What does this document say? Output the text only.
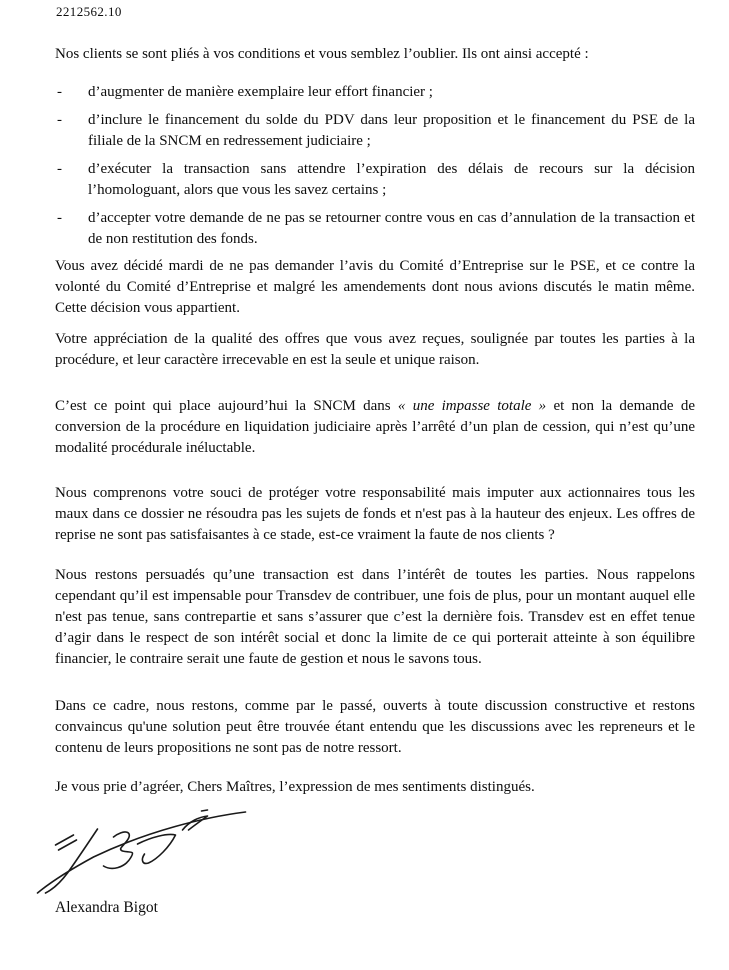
2212562.10

Nos clients se sont pliés à vos conditions et vous semblez l’oublier. Ils ont ainsi accepté :

- d’augmenter de manière exemplaire leur effort financier ;
- d’inclure le financement du solde du PDV dans leur proposition et le financement du PSE de la filiale de la SNCM en redressement judiciaire ;
- d’exécuter la transaction sans attendre l’expiration des délais de recours sur la décision l’homologuant, alors que vous les savez certains ;
- d’accepter votre demande de ne pas se retourner contre vous en cas d’annulation de la transaction et de non restitution des fonds.

Vous avez décidé mardi de ne pas demander l’avis du Comité d’Entreprise sur le PSE, et ce contre la volonté du Comité d’Entreprise et malgré les amendements dont nous avions discutés le matin même. Cette décision vous appartient.

Votre appréciation de la qualité des offres que vous avez reçues, soulignée par toutes les parties à la procédure, et leur caractère irrecevable en est la seule et unique raison.

C’est ce point qui place aujourd’hui la SNCM dans « une impasse totale » et non la demande de conversion de la procédure en liquidation judiciaire après l’arrêté d’un plan de cession, qui n’est qu’une modalité procédurale inéluctable.

Nous comprenons votre souci de protéger votre responsabilité mais imputer aux actionnaires tous les maux dans ce dossier ne résoudra pas les sujets de fonds et n'est pas à la hauteur des enjeux. Les offres de reprise ne sont pas satisfaisantes à ce stade, est-ce vraiment la faute de nos clients ?

Nous restons persuadés qu’une transaction est dans l’intérêt de toutes les parties. Nous rappelons cependant qu’il est impensable pour Transdev de contribuer, une fois de plus, pour un montant auquel elle n'est pas tenue, sans contrepartie et sans s’assurer que c’est la dernière fois. Transdev est en effet tenue d’agir dans le respect de son intérêt social et donc la limite de ce qui porterait atteinte à son équilibre financier, le contraire serait une faute de gestion et nous le savons tous.

Dans ce cadre, nous restons, comme par le passé, ouverts à toute discussion constructive et restons convaincus qu'une solution peut être trouvée étant entendu que les discussions avec les repreneurs et le contenu de leurs propositions ne sont pas de notre ressort.

Je vous prie d’agréer, Chers Maîtres, l’expression de mes sentiments distingués.

Alexandra Bigot
